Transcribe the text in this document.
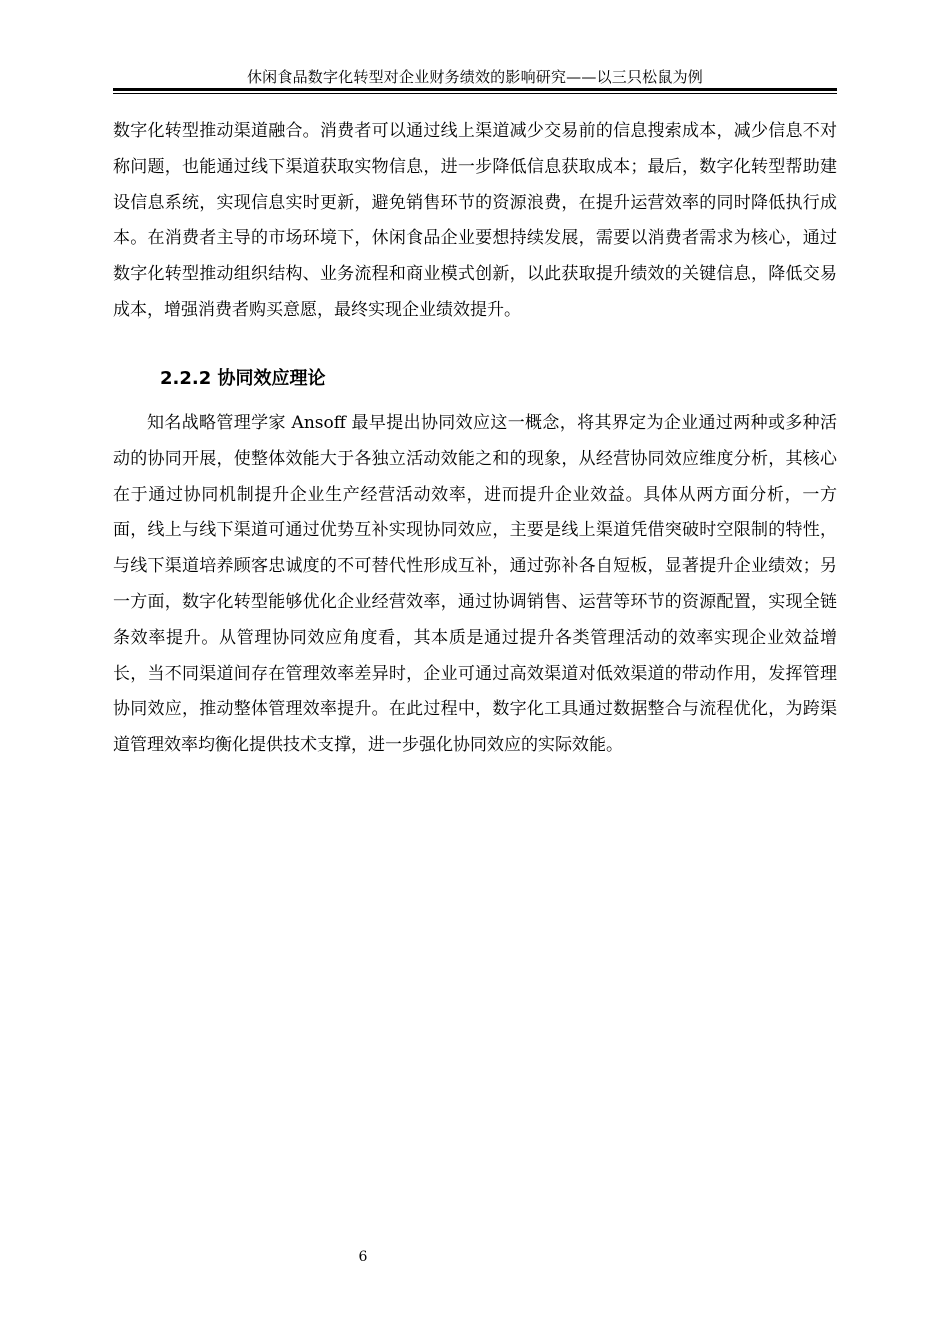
休闲食品数字化转型对企业财务绩效的影响研究——以三只松鼠为例

数字化转型推动渠道融合。消费者可以通过线上渠道减少交易前的信息搜索成本，减少信息不对称问题，也能通过线下渠道获取实物信息，进一步降低信息获取成本；最后，数字化转型帮助建设信息系统，实现信息实时更新，避免销售环节的资源浪费，在提升运营效率的同时降低执行成本。在消费者主导的市场环境下，休闲食品企业要想持续发展，需要以消费者需求为核心，通过数字化转型推动组织结构、业务流程和商业模式创新，以此获取提升绩效的关键信息，降低交易成本，增强消费者购买意愿，最终实现企业绩效提升。

2.2.2 协同效应理论

知名战略管理学家 Ansoff 最早提出协同效应这一概念，将其界定为企业通过两种或多种活动的协同开展，使整体效能大于各独立活动效能之和的现象，从经营协同效应维度分析，其核心在于通过协同机制提升企业生产经营活动效率，进而提升企业效益。具体从两方面分析，一方面，线上与线下渠道可通过优势互补实现协同效应，主要是线上渠道凭借突破时空限制的特性，与线下渠道培养顾客忠诚度的不可替代性形成互补，通过弥补各自短板，显著提升企业绩效；另一方面，数字化转型能够优化企业经营效率，通过协调销售、运营等环节的资源配置，实现全链条效率提升。从管理协同效应角度看，其本质是通过提升各类管理活动的效率实现企业效益增长，当不同渠道间存在管理效率差异时，企业可通过高效渠道对低效渠道的带动作用，发挥管理协同效应，推动整体管理效率提升。在此过程中，数字化工具通过数据整合与流程优化，为跨渠道管理效率均衡化提供技术支撑，进一步强化协同效应的实际效能。

6
